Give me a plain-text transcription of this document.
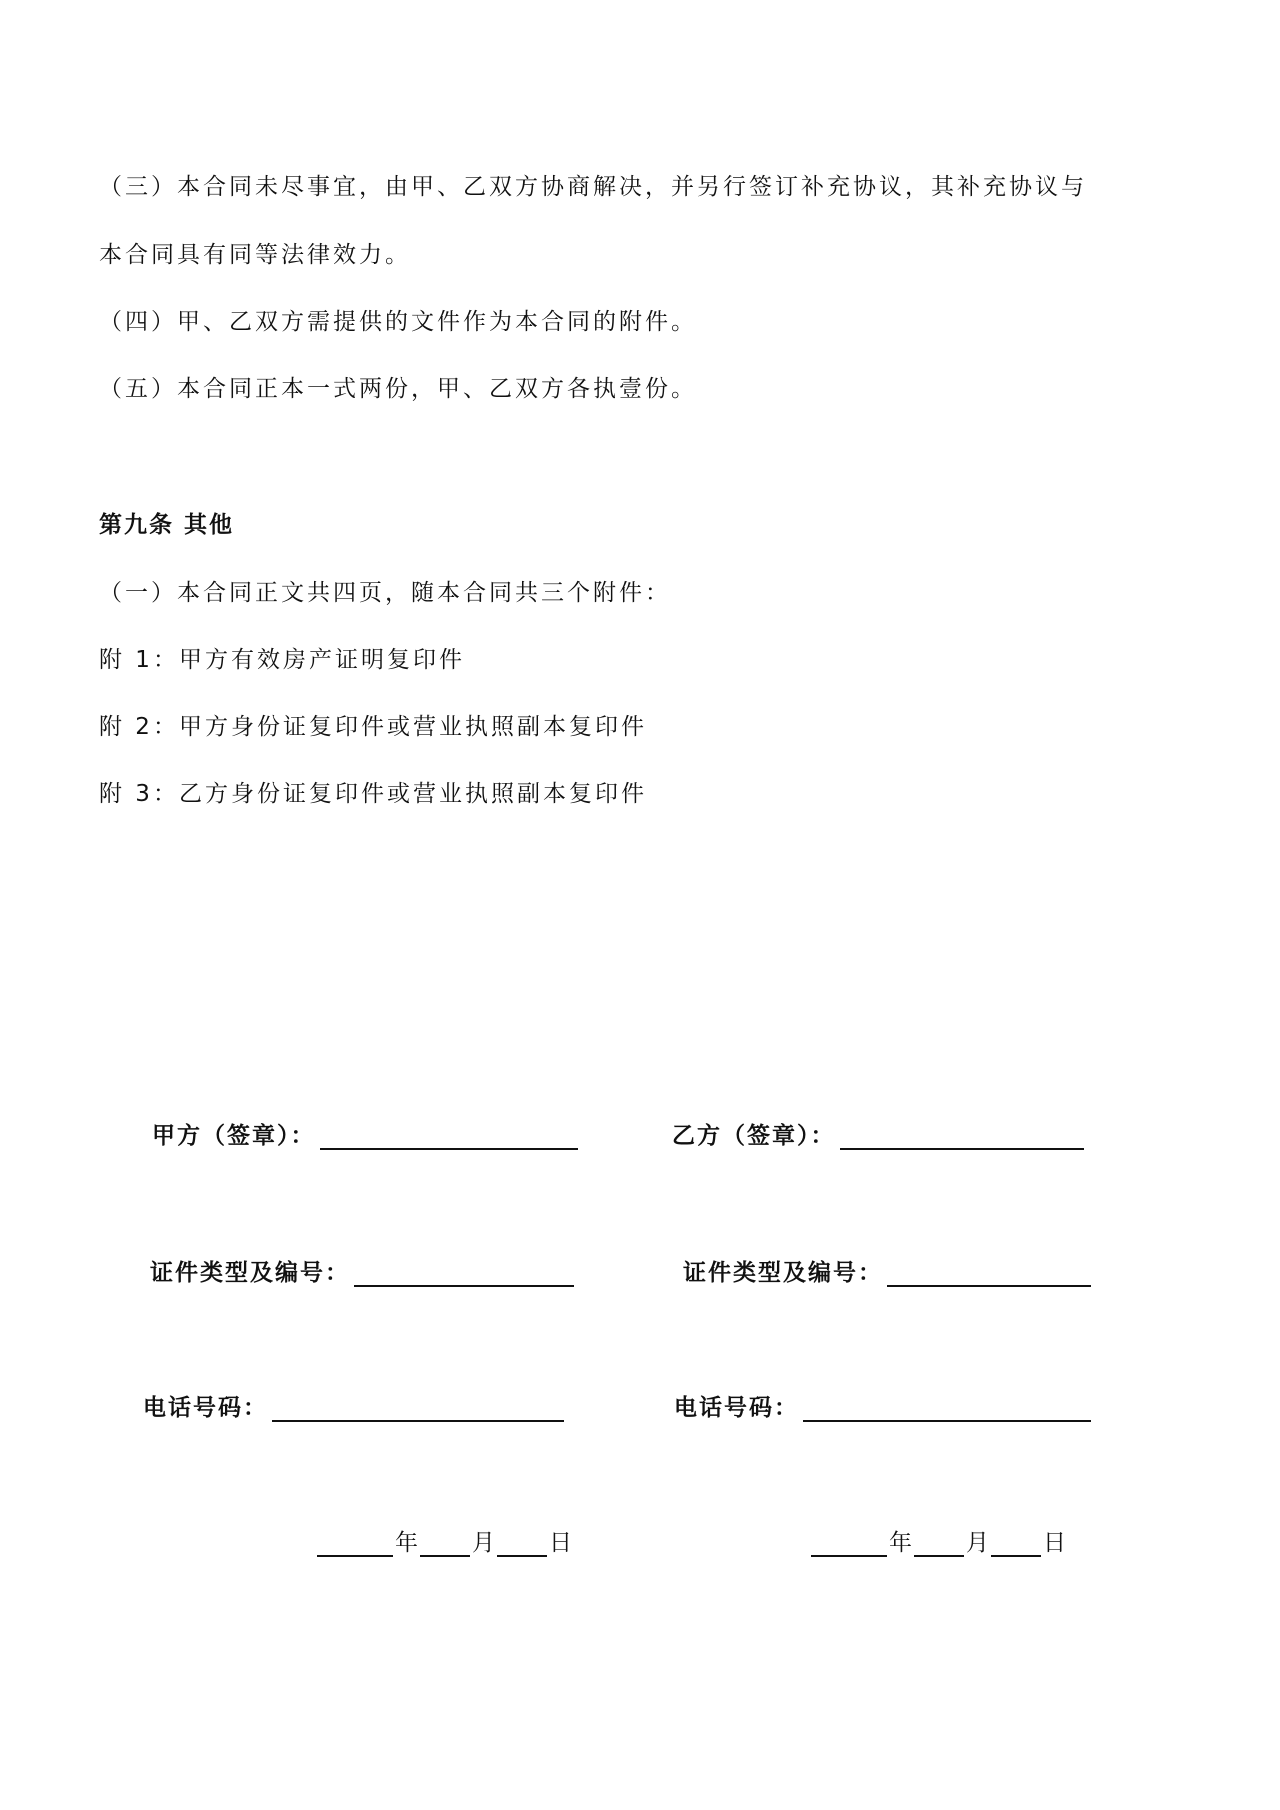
（三）本合同未尽事宜，由甲、乙双方协商解决，并另行签订补充协议，其补充协议与
本合同具有同等法律效力。
（四）甲、乙双方需提供的文件作为本合同的附件。
（五）本合同正本一式两份，甲、乙双方各执壹份。
第九条 其他
（一）本合同正文共四页，随本合同共三个附件：
附 1：甲方有效房产证明复印件
附 2：甲方身份证复印件或营业执照副本复印件
附 3：乙方身份证复印件或营业执照副本复印件
甲方（签章）：
证件类型及编号：
电话号码：
年 月 日
乙方（签章）：
证件类型及编号：
电话号码：
年 月 日
